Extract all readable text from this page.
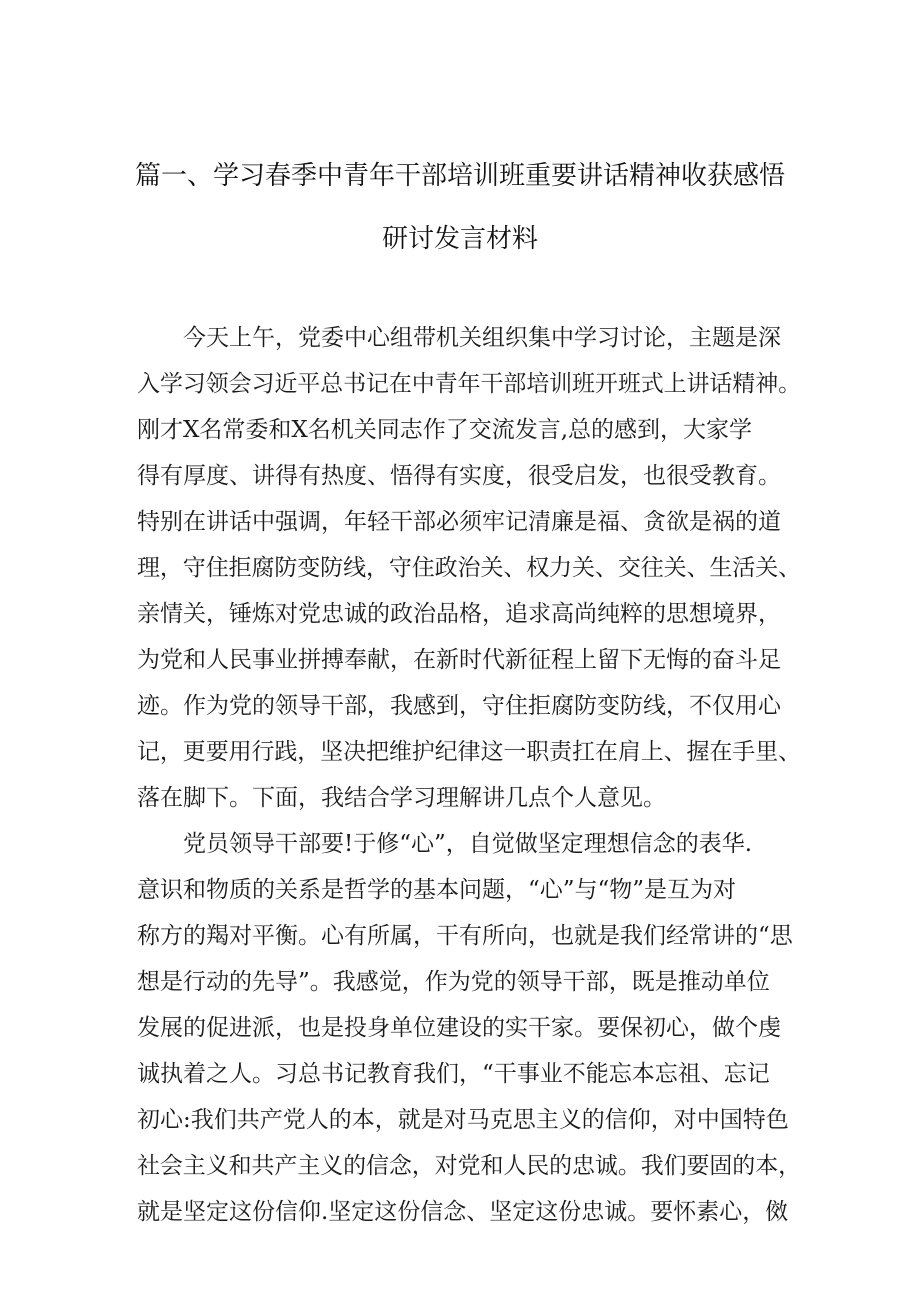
篇一、学习春季中青年干部培训班重要讲话精神收获感悟
研讨发言材料
今天上午，党委中心组带机关组织集中学习讨论，主题是深
入学习领会习近平总书记在中青年干部培训班开班式上讲话精神。
刚才X名常委和X名机关同志作了交流发言,总的感到，大家学
得有厚度、讲得有热度、悟得有实度，很受启发，也很受教育。
特别在讲话中强调，年轻干部必须牢记清廉是福、贪欲是祸的道
理，守住拒腐防变防线，守住政治关、权力关、交往关、生活关、
亲情关，锤炼对党忠诚的政治品格，追求高尚纯粹的思想境界，
为党和人民事业拼搏奉献，在新时代新征程上留下无悔的奋斗足
迹。作为党的领导干部，我感到，守住拒腐防变防线，不仅用心
记，更要用行践，坚决把维护纪律这一职责扛在肩上、握在手里、
落在脚下。下面，我结合学习理解讲几点个人意见。
党员领导干部要!于修“心”，自觉做坚定理想信念的表华.
意识和物质的关系是哲学的基本问题，“心”与“物”是互为对
称方的羯对平衡。心有所属，干有所向，也就是我们经常讲的“思
想是行动的先导”。我感觉，作为党的领导干部，既是推动单位
发展的促进派，也是投身单位建设的实干家。要保初心，做个虔
诚执着之人。习总书记教育我们，“干事业不能忘本忘祖、忘记
初心:我们共产党人的本，就是对马克思主义的信仰，对中国特色
社会主义和共产主义的信念，对党和人民的忠诚。我们要固的本，
就是坚定这份信仰.坚定这份信念、坚定这份忠诚。要怀素心，傚
